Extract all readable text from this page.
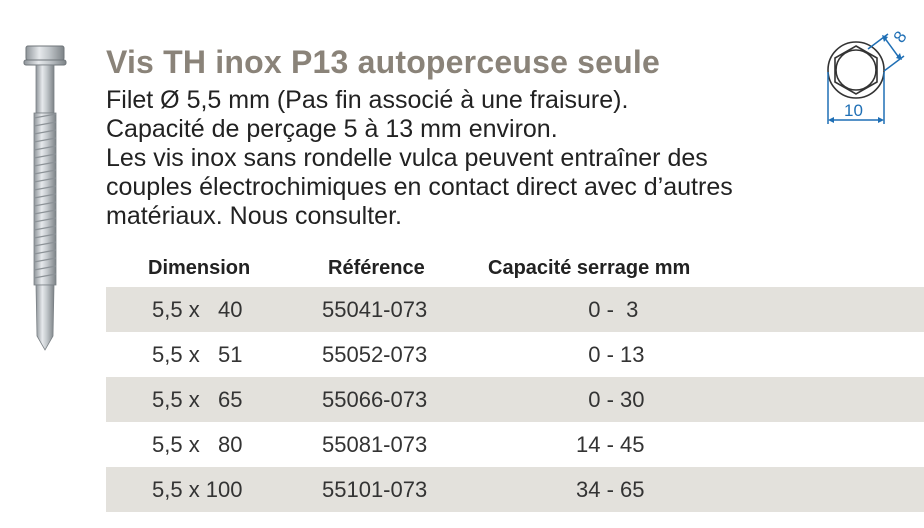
Vis TH inox P13 autoperceuse seule
Filet Ø 5,5 mm (Pas fin associé à une fraisure).
Capacité de perçage 5 à 13 mm environ.
Les vis inox sans rondelle vulca peuvent entraîner des
couples électrochimiques en contact direct avec d’autres
matériaux. Nous consulter.
10
8
Dimension	Référence	Capacité serrage mm
5,5 x   40	55041-073	0 -  3
5,5 x   51	55052-073	0 - 13
5,5 x   65	55066-073	0 - 30
5,5 x   80	55081-073	14 - 45
5,5 x 100	55101-073	34 - 65
